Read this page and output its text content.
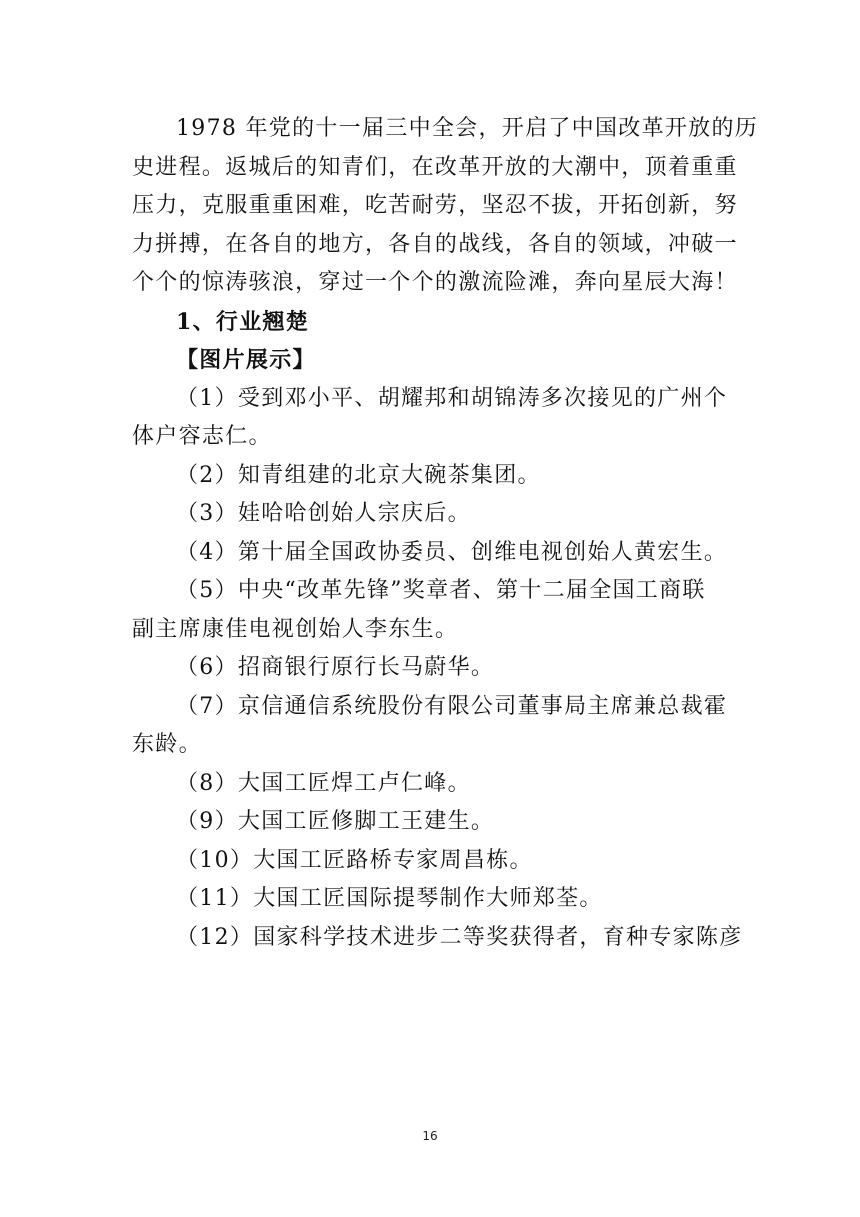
1978 年党的十一届三中全会，开启了中国改革开放的历
史进程。返城后的知青们，在改革开放的大潮中，顶着重重
压力，克服重重困难，吃苦耐劳，坚忍不拔，开拓创新，努
力拼搏，在各自的地方，各自的战线，各自的领域，冲破一
个个的惊涛骇浪，穿过一个个的激流险滩，奔向星辰大海！
1、行业翘楚
【图片展示】
（1）受到邓小平、胡耀邦和胡锦涛多次接见的广州个
体户容志仁。
（2）知青组建的北京大碗茶集团。
（3）娃哈哈创始人宗庆后。
（4）第十届全国政协委员、创维电视创始人黄宏生。
（5）中央“改革先锋”奖章者、第十二届全国工商联
副主席康佳电视创始人李东生。
（6）招商银行原行长马蔚华。
（7）京信通信系统股份有限公司董事局主席兼总裁霍
东龄。
（8）大国工匠焊工卢仁峰。
（9）大国工匠修脚工王建生。
（10）大国工匠路桥专家周昌栋。
（11）大国工匠国际提琴制作大师郑荃。
（12）国家科学技术进步二等奖获得者，育种专家陈彦
16
